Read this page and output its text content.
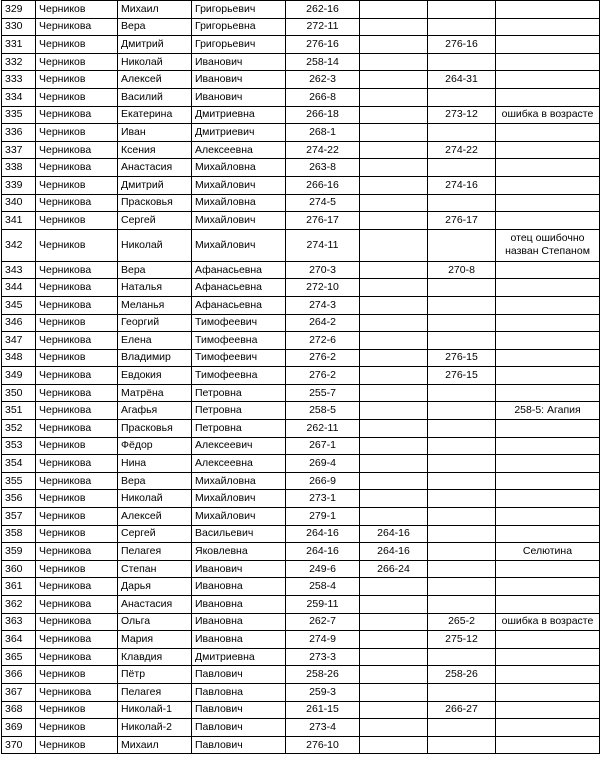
329	Черников	Михаил	Григорьевич	262-16			
330	Черникова	Вера	Григорьевна	272-11			
331	Черников	Дмитрий	Григорьевич	276-16		276-16	
332	Черников	Николай	Иванович	258-14			
333	Черников	Алексей	Иванович	262-3		264-31	
334	Черников	Василий	Иванович	266-8			
335	Черникова	Екатерина	Дмитриевна	266-18		273-12	ошибка в возрасте
336	Черников	Иван	Дмитриевич	268-1			
337	Черникова	Ксения	Алексеевна	274-22		274-22	
338	Черникова	Анастасия	Михайловна	263-8			
339	Черников	Дмитрий	Михайлович	266-16		274-16	
340	Черникова	Прасковья	Михайловна	274-5			
341	Черников	Сергей	Михайлович	276-17		276-17	
342	Черников	Николай	Михайлович	274-11			отец ошибочно назван Степаном
343	Черникова	Вера	Афанасьевна	270-3		270-8	
344	Черникова	Наталья	Афанасьевна	272-10			
345	Черникова	Меланья	Афанасьевна	274-3			
346	Черников	Георгий	Тимофеевич	264-2			
347	Черникова	Елена	Тимофеевна	272-6			
348	Черников	Владимир	Тимофеевич	276-2		276-15	
349	Черникова	Евдокия	Тимофеевна	276-2		276-15	
350	Черникова	Матрёна	Петровна	255-7			
351	Черникова	Агафья	Петровна	258-5			258-5: Агапия
352	Черникова	Прасковья	Петровна	262-11			
353	Черников	Фёдор	Алексеевич	267-1			
354	Черникова	Нина	Алексеевна	269-4			
355	Черникова	Вера	Михайловна	266-9			
356	Черников	Николай	Михайлович	273-1			
357	Черников	Алексей	Михайлович	279-1			
358	Черников	Сергей	Васильевич	264-16	264-16		
359	Черникова	Пелагея	Яковлевна	264-16	264-16		Селютина
360	Черников	Степан	Иванович	249-6	266-24		
361	Черникова	Дарья	Ивановна	258-4			
362	Черникова	Анастасия	Ивановна	259-11			
363	Черникова	Ольга	Ивановна	262-7		265-2	ошибка в возрасте
364	Черникова	Мария	Ивановна	274-9		275-12	
365	Черникова	Клавдия	Дмитриевна	273-3			
366	Черников	Пётр	Павлович	258-26		258-26	
367	Черникова	Пелагея	Павловна	259-3			
368	Черников	Николай-1	Павлович	261-15		266-27	
369	Черников	Николай-2	Павлович	273-4			
370	Черников	Михаил	Павлович	276-10			
